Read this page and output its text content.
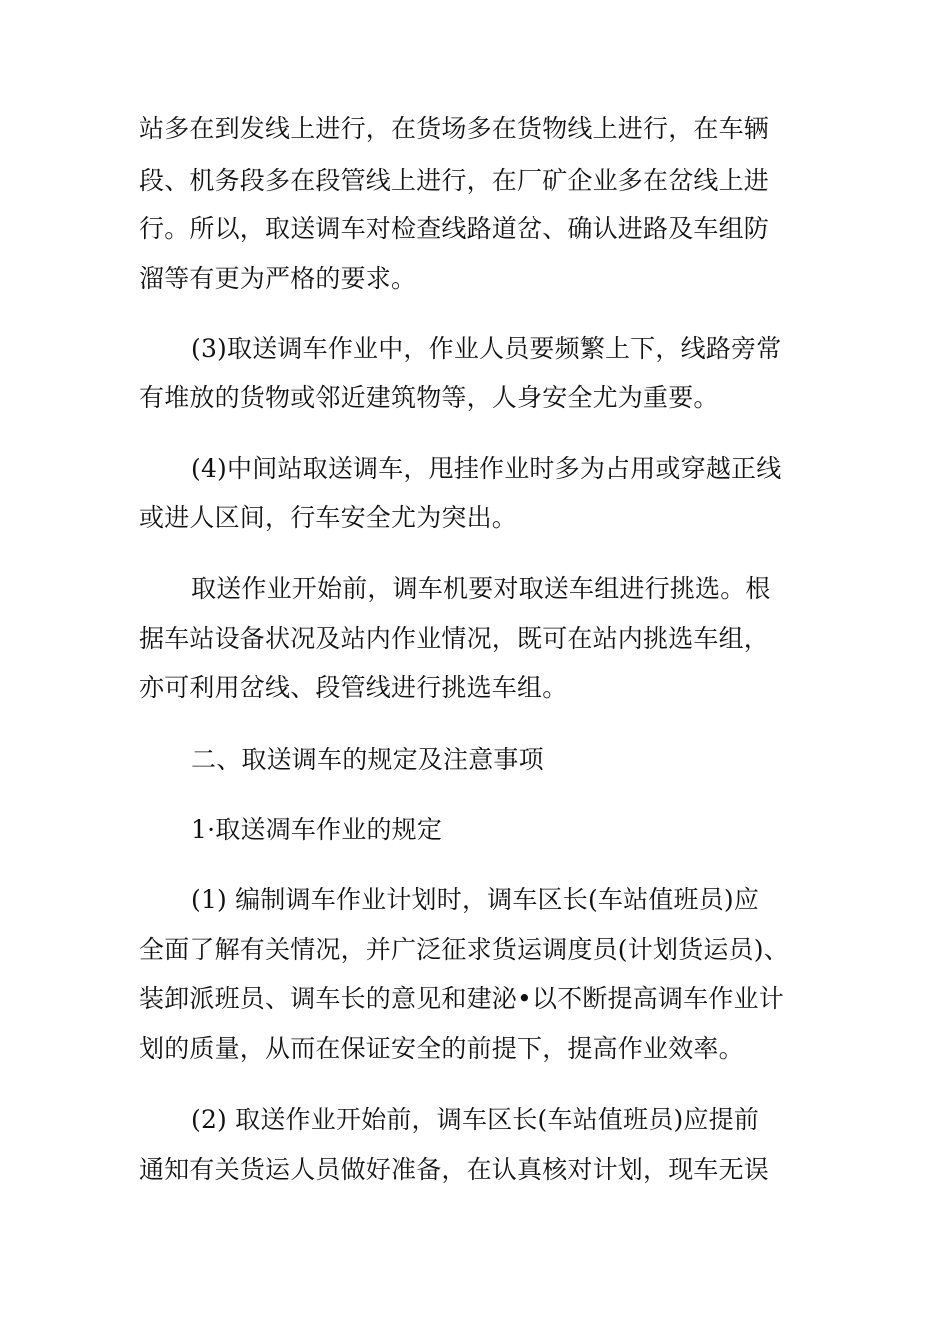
站多在到发线上进行，在货场多在货物线上进行，在车辆
段、机务段多在段管线上进行，在厂矿企业多在岔线上进
行。所以，取送调车对检查线路道岔、确认进路及车组防
溜等有更为严格的要求。
(3)取送调车作业中，作业人员要频繁上下，线路旁常
有堆放的货物或邻近建筑物等，人身安全尤为重要。
(4)中间站取送调车，甩挂作业时多为占用或穿越正线
或进人区间，行车安全尤为突出。
取送作业开始前，调车机要对取送车组进行挑选。根
据车站设备状况及站内作业情况，既可在站内挑选车组，
亦可利用岔线、段管线进行挑选车组。
二、取送调车的规定及注意事项
1·取送凋车作业的规定
(1) 编制调车作业计划时，调车区长(车站值班员)应
全面了解有关情况，并广泛征求货运调度员(计划货运员)、
装卸派班员、调车长的意见和建泌•以不断提高调车作业计
划的质量，从而在保证安全的前提下，提高作业效率。
(2) 取送作业开始前，调车区长(车站值班员)应提前
通知有关货运人员做好准备，在认真核对计划，现车无误
